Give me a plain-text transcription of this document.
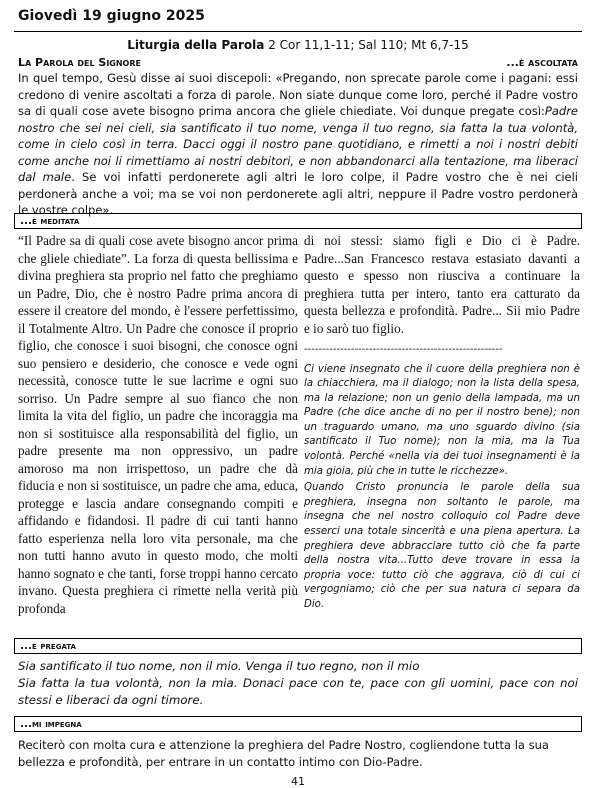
Giovedì 19 giugno 2025
Liturgia della Parola 2 Cor 11,1-11; Sal 110; Mt 6,7-15
La Parola del Signore	...è ascoltata
In quel tempo, Gesù disse ai suoi discepoli: «Pregando, non sprecate parole come i pagani: essi credono di venire ascoltati a forza di parole. Non siate dunque come loro, perché il Padre vostro sa di quali cose avete bisogno prima ancora che gliele chiediate. Voi dunque pregate così:Padre nostro che sei nei cieli, sia santificato il tuo nome, venga il tuo regno, sia fatta la tua volontà, come in cielo così in terra. Dacci oggi il nostro pane quotidiano, e rimetti a noi i nostri debiti come anche noi li rimettiamo ai nostri debitori, e non abbandonarci alla tentazione, ma liberaci dal male. Se voi infatti perdonerete agli altri le loro colpe, il Padre vostro che è nei cieli perdonerà anche a voi; ma se voi non perdonerete agli altri, neppure il Padre vostro perdonerà le vostre colpe».
...è meditata
“Il Padre sa di quali cose avete bisogno ancor prima che gliele chiediate”. La forza di questa bellissima e divina preghiera sta proprio nel fatto che preghiamo un Padre, Dio, che è nostro Padre prima ancora di essere il creatore del mondo, è l'essere perfettissimo, il Totalmente Altro. Un Padre che conosce il proprio figlio, che conosce i suoi bisogni, che conosce ogni suo pensiero e desiderio, che conosce e vede ogni necessità, conosce tutte le sue lacrime e ogni suo sorriso. Un Padre sempre al suo fianco che non limita la vita del figlio, un padre che incoraggia ma non si sostituisce alla responsabilità del figlio, un padre presente ma non oppressivo, un padre amoroso ma non irrispettoso, un padre che dà fiducia e non si sostituisce, un padre che ama, educa, protegge e lascia andare consegnando compiti e affidando e fidandosi. Il padre di cui tanti hanno fatto esperienza nella loro vita personale, ma che non tutti hanno avuto in questo modo, che molti hanno sognato e che tanti, forse troppi hanno cercato invano. Questa preghiera ci rimette nella verità più profonda
di noi stessi: siamo figli e Dio ci è Padre. Padre...San Francesco restava estasiato davanti a questo e spesso non riusciva a continuare la preghiera tutta per intero, tanto era catturato da questa bellezza e profondità. Padre... Sii mio Padre e io sarò tuo figlio.
-------------------------------------------------------
Ci viene insegnato che il cuore della preghiera non è la chiacchiera, ma il dialogo; non la lista della spesa, ma la relazione; non un genio della lampada, ma un Padre (che dice anche di no per il nostro bene); non un traguardo umano, ma uno sguardo divino (sia santificato il Tuo nome); non la mia, ma la Tua volontà. Perché «nella via dei tuoi insegnamenti è la mia gioia, più che in tutte le ricchezze».
Quando Cristo pronuncia le parole della sua preghiera, insegna non soltanto le parole, ma insegna che nel nostro colloquio col Padre deve esserci una totale sincerità e una piena apertura. La preghiera deve abbracciare tutto ciò che fa parte della nostra vita...Tutto deve trovare in essa la propria voce: tutto ciò che aggrava, ciò di cui ci vergogniamo; ciò che per sua natura ci separa da Dio.
...è pregata
Sia santificato il tuo nome, non il mio. Venga il tuo regno, non il mio
Sia fatta la tua volontà, non la mia. Donaci pace con te, pace con gli uomini, pace con noi stessi e liberaci da ogni timore.
...mi impegna
Reciterò con molta cura e attenzione la preghiera del Padre Nostro, cogliendone tutta la sua bellezza e profondità, per entrare in un contatto intimo con Dio-Padre.
41
